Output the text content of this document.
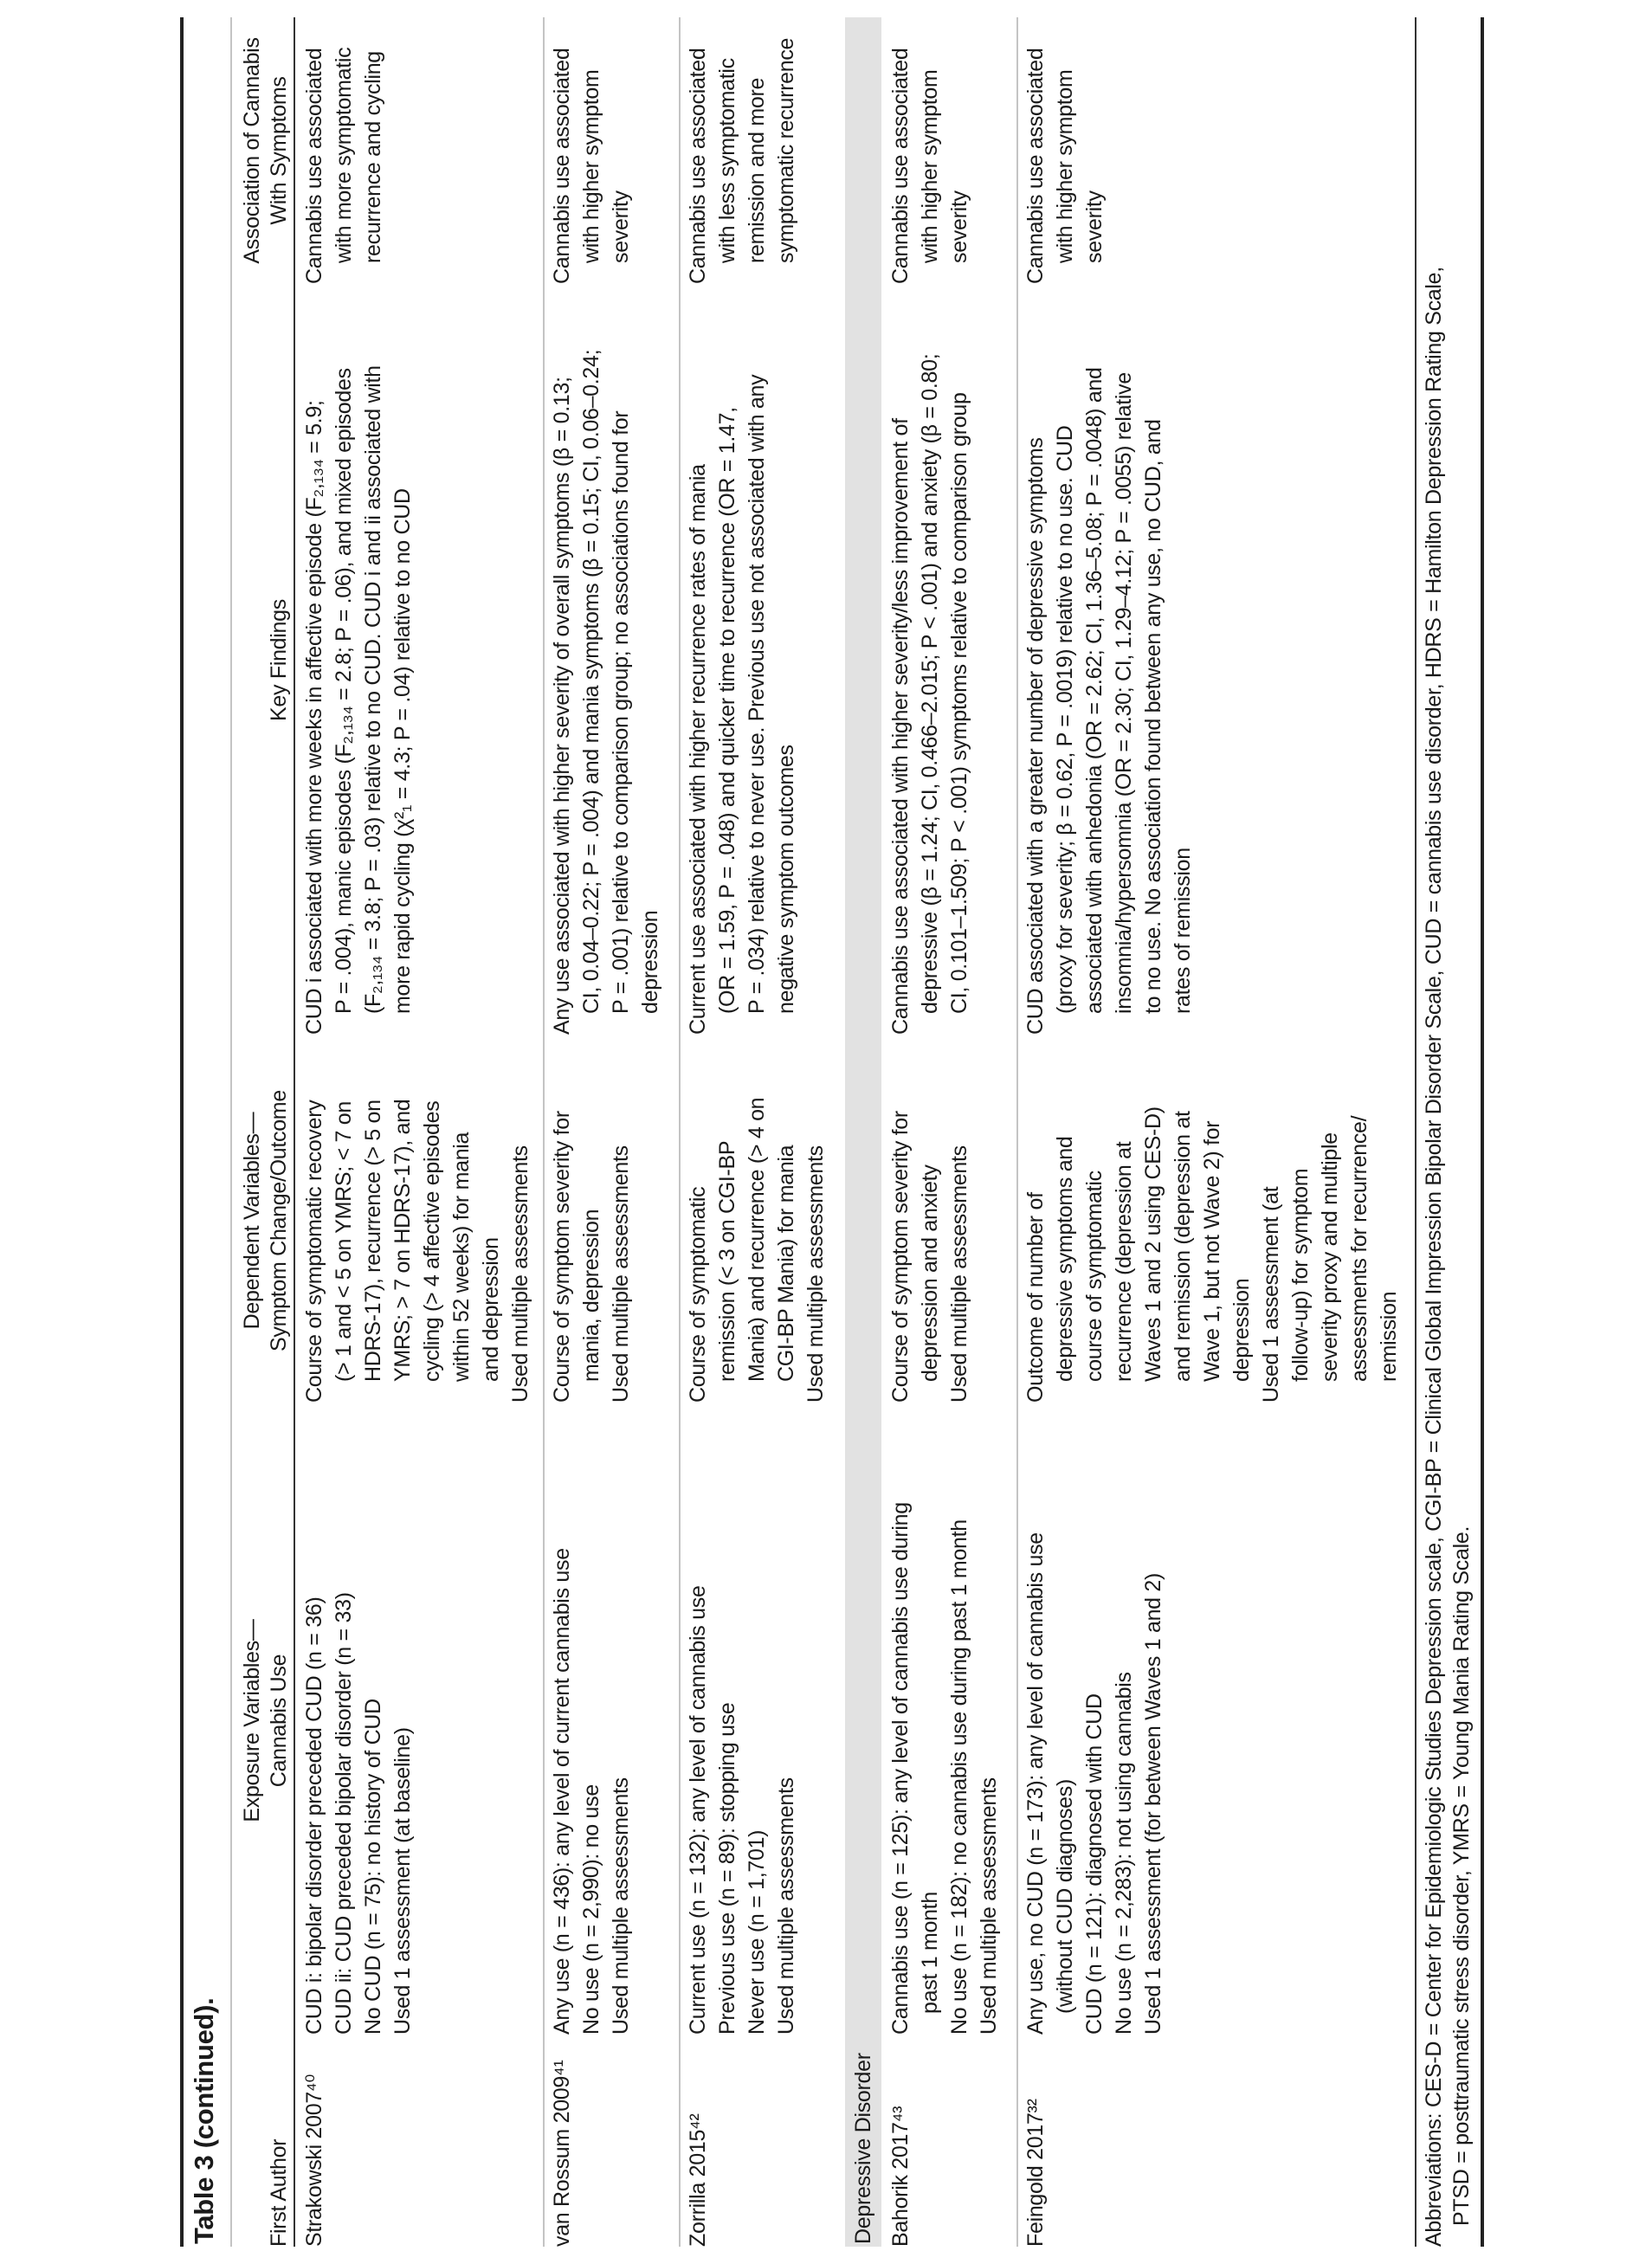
Table 3 (continued). First Author
Exposure Variables— Cannabis Use
Dependent Variables— Symptom Change/Outcome
Key Findings
Association of Cannabis With Symptoms
Strakowski 2007⁴⁰
CUD i: bipolar disorder preceded CUD (n = 36) CUD ii: CUD preceded bipolar disorder (n = 33) No CUD (n = 75): no history of CUD Used 1 assessment (at baseline)
Course of symptomatic recovery (> 1 and < 5 on YMRS; < 7 on HDRS-17), recurrence (> 5 on YMRS; > 7 on HDRS-17), and cycling (> 4 affective episodes within 52 weeks) for mania and depression Used multiple assessments
CUD i associated with more weeks in affective episode (F₂,₁₃₄ = 5.9; P = .004), manic episodes (F₂,₁₃₄ = 2.8; P = .06), and mixed episodes (F₂,₁₃₄ = 3.8; P = .03) relative to no CUD. CUD i and ii associated with more rapid cycling (χ²₁ = 4.3; P = .04) relative to no CUD
Cannabis use associated with more symptomatic recurrence and cycling
van Rossum 2009⁴¹
Any use (n = 436): any level of current cannabis use No use (n = 2,990): no use Used multiple assessments
Course of symptom severity for mania, depression Used multiple assessments
Any use associated with higher severity of overall symptoms (β = 0.13; CI, 0.04–0.22; P = .004) and mania symptoms (β = 0.15; CI, 0.06–0.24; P = .001) relative to comparison group; no associations found for depression
Cannabis use associated with higher symptom severity
Zorrilla 2015⁴²
Current use (n = 132): any level of cannabis use Previous use (n = 89): stopping use Never use (n = 1,701) Used multiple assessments
Course of symptomatic remission (< 3 on CGI-BP Mania) and recurrence (> 4 on CGI-BP Mania) for mania Used multiple assessments
Current use associated with higher recurrence rates of mania (OR = 1.59, P = .048) and quicker time to recurrence (OR = 1.47, P = .034) relative to never use. Previous use not associated with any negative symptom outcomes
Cannabis use associated with less symptomatic remission and more symptomatic recurrence
Bahorik 2017⁴³
Cannabis use (n = 125): any level of cannabis use during past 1 month No use (n = 182): no cannabis use during past 1 month Used multiple assessments
Course of symptom severity for depression and anxiety Used multiple assessments
Cannabis use associated with higher severity/less improvement of depressive (β = 1.24; CI, 0.466–2.015; P < .001) and anxiety (β = 0.80; CI, 0.101–1.509; P < .001) symptoms relative to comparison group
Cannabis use associated with higher symptom severity
Feingold 2017³²
Any use, no CUD (n = 173): any level of cannabis use (without CUD diagnoses) CUD (n = 121): diagnosed with CUD No use (n = 2,283): not using cannabis Used 1 assessment (for between Waves 1 and 2)
Outcome of number of depressive symptoms and course of symptomatic recurrence (depression at Waves 1 and 2 using CES-D) and remission (depression at Wave 1, but not Wave 2) for depression Used 1 assessment (at follow-up) for symptom severity proxy and multiple assessments for recurrence/ remission
CUD associated with a greater number of depressive symptoms (proxy for severity; β = 0.62, P = .0019) relative to no use. CUD associated with anhedonia (OR = 2.62; CI, 1.36–5.08; P = .0048) and insomnia/hypersomnia (OR = 2.30; CI, 1.29–4.12; P = .0055) relative to no use. No association found between any use, no CUD, and rates of remission
Cannabis use associated with higher symptom severity
Depressive Disorder	Abbreviations: CES-D = Center for Epidemiologic Studies Depression scale, CGI-BP = Clinical Global Impression Bipolar Disorder Scale, CUD = cannabis use disorder, HDRS = Hamilton Depression Rating Scale, PTSD = posttraumatic stress disorder, YMRS = Young Mania Rating Scale.
